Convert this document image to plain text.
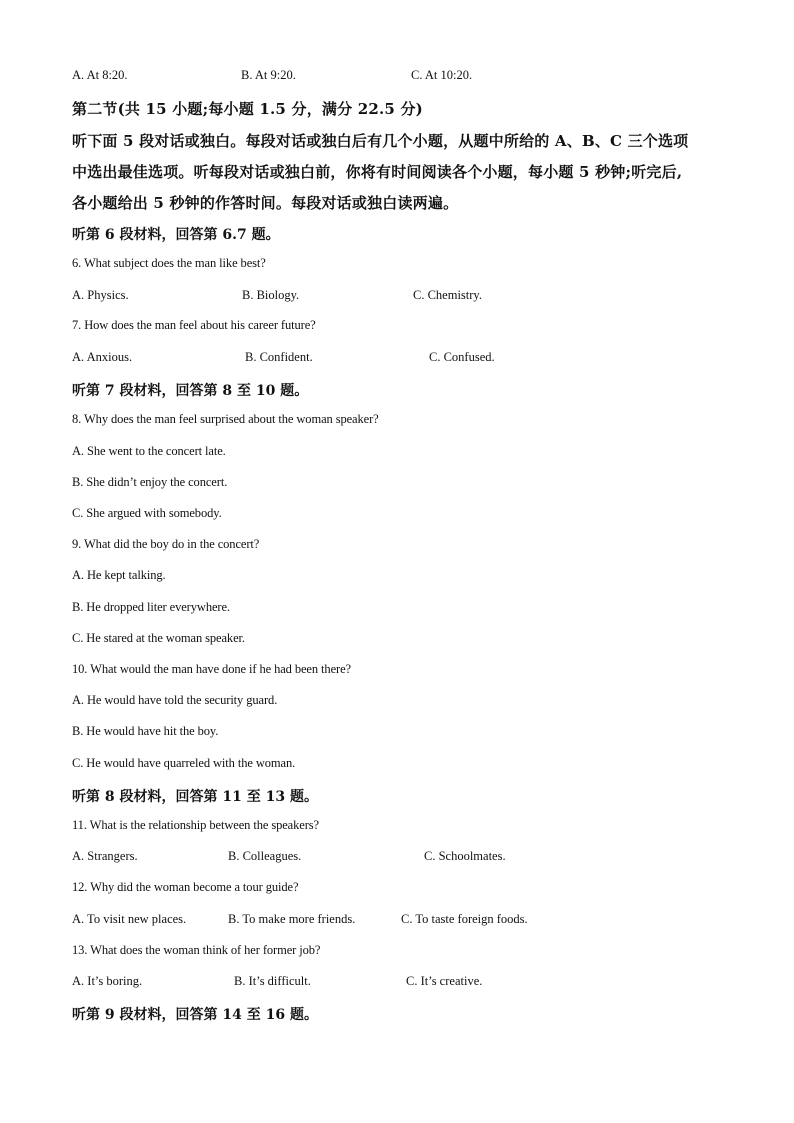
A. At 8:20.	B. At 9:20.	C. At 10:20.
第二节(共 15 小题;每小题 1.5 分，满分 22.5 分)
听下面 5 段对话或独白。每段对话或独白后有几个小题，从题中所给的 A、B、C 三个选项
中选出最佳选项。听每段对话或独白前，你将有时间阅读各个小题，每小题 5 秒钟;听完后,
各小题给出 5 秒钟的作答时间。每段对话或独白读两遍。
听第 6 段材料，回答第 6.7 题。
6. What subject does the man like best?
A. Physics.	B. Biology.	C. Chemistry.
7. How does the man feel about his career future?
A. Anxious.	B. Confident.	C. Confused.
听第 7 段材料，回答第 8 至 10 题。
8. Why does the man feel surprised about the woman speaker?
A. She went to the concert late.
B. She didn’t enjoy the concert.
C. She argued with somebody.
9. What did the boy do in the concert?
A. He kept talking.
B. He dropped liter everywhere.
C. He stared at the woman speaker.
10. What would the man have done if he had been there?
A. He would have told the security guard.
B. He would have hit the boy.
C. He would have quarreled with the woman.
听第 8 段材料，回答第 11 至 13 题。
11. What is the relationship between the speakers?
A. Strangers.	B. Colleagues.	C. Schoolmates.
12. Why did the woman become a tour guide?
A. To visit new places.	B. To make more friends.	C. To taste foreign foods.
13. What does the woman think of her former job?
A. It’s boring.	B. It’s difficult.	C. It’s creative.
听第 9 段材料，回答第 14 至 16 题。
